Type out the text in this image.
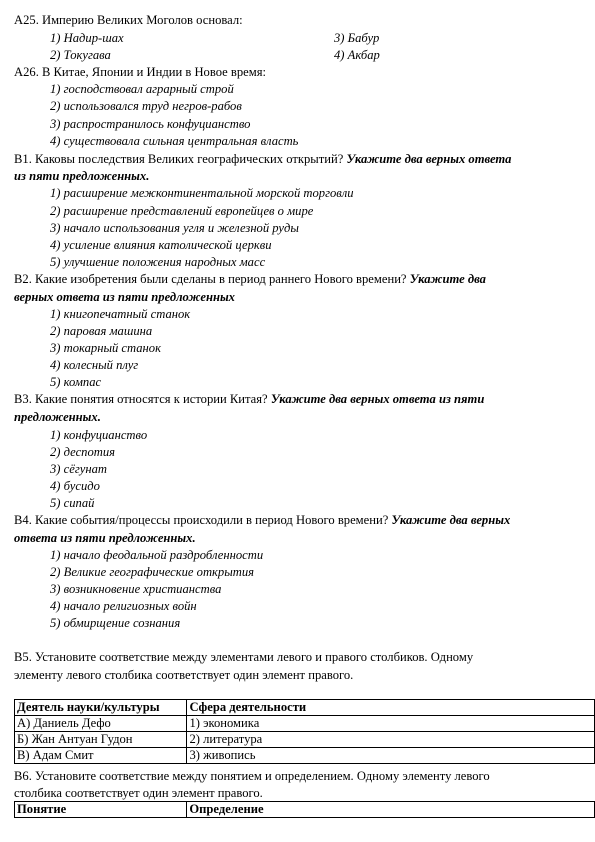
А25. Империю Великих Моголов основал:
1) Надир-шах	3) Бабур
2) Токугава	4) Акбар
А26. В Китае, Японии и Индии в Новое время:
1) господствовал аграрный строй
2) использовался труд негров-рабов
3) распространилось конфуцианство
4) существовала сильная центральная власть
В1. Каковы последствия Великих географических открытий? Укажите два верных ответа
из пяти предложенных.
1) расширение межконтинентальной морской торговли
2) расширение представлений европейцев о мире
3) начало использования угля и железной руды
4) усиление влияния католической церкви
5) улучшение положения народных масс
В2. Какие изобретения были сделаны в период раннего Нового времени? Укажите два
верных ответа из пяти предложенных
1) книгопечатный станок
2) паровая машина
3) токарный станок
4) колесный плуг
5) компас
В3. Какие понятия относятся к истории Китая? Укажите два верных ответа из пяти
предложенных.
1) конфуцианство
2) деспотия
3) сёгунат
4) бусидо
5) сипай
В4. Какие события/процессы происходили в период Нового времени? Укажите два верных
ответа из пяти предложенных.
1) начало феодальной раздробленности
2) Великие географические открытия
3) возникновение христианства
4) начало религиозных войн
5) обмирщение сознания
В5. Установите соответствие между элементами левого и правого столбиков. Одному
элементу левого столбика соответствует один элемент правого.
Деятель науки/культуры	Сфера деятельности
А) Даниель Дефо	1) экономика
Б) Жан Антуан Гудон	2) литература
В) Адам Смит	3) живопись
В6. Установите соответствие между понятием и определением. Одному элементу левого
столбика соответствует один элемент правого.
Понятие	Определение
